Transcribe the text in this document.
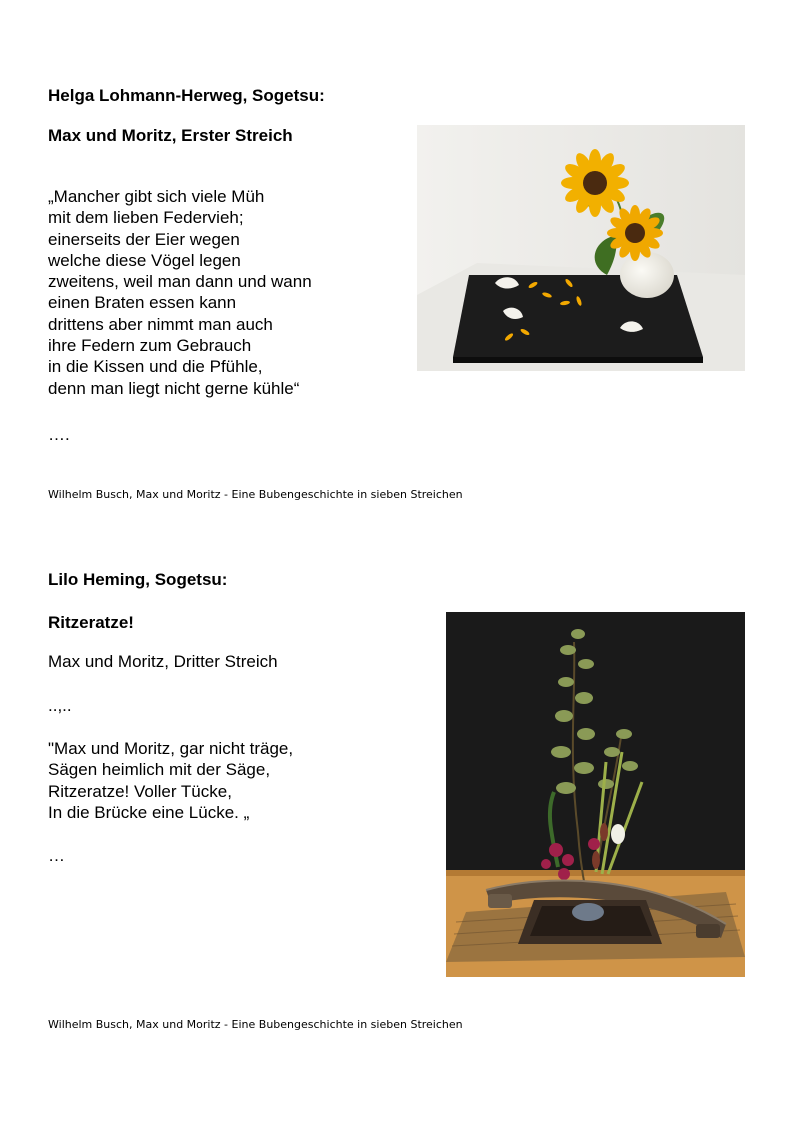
Helga Lohmann-Herweg, Sogetsu:

Max und Moritz, Erster Streich

„Mancher gibt sich viele Müh
mit dem lieben Federvieh;
einerseits der Eier wegen
welche diese Vögel legen
zweitens, weil man dann und wann
einen Braten essen kann
drittens aber nimmt man auch
ihre Federn zum Gebrauch
in die Kissen und die Pfühle,
denn man liegt nicht gerne kühle“

….

Wilhelm Busch, Max und Moritz - Eine Bubengeschichte in sieben Streichen

Lilo Heming, Sogetsu:

Ritzeratze!

Max und Moritz, Dritter Streich

..,..

"Max und Moritz, gar nicht träge,
Sägen heimlich mit der Säge,
Ritzeratze! Voller Tücke,
In die Brücke eine Lücke. „

…

Wilhelm Busch, Max und Moritz - Eine Bubengeschichte in sieben Streichen
